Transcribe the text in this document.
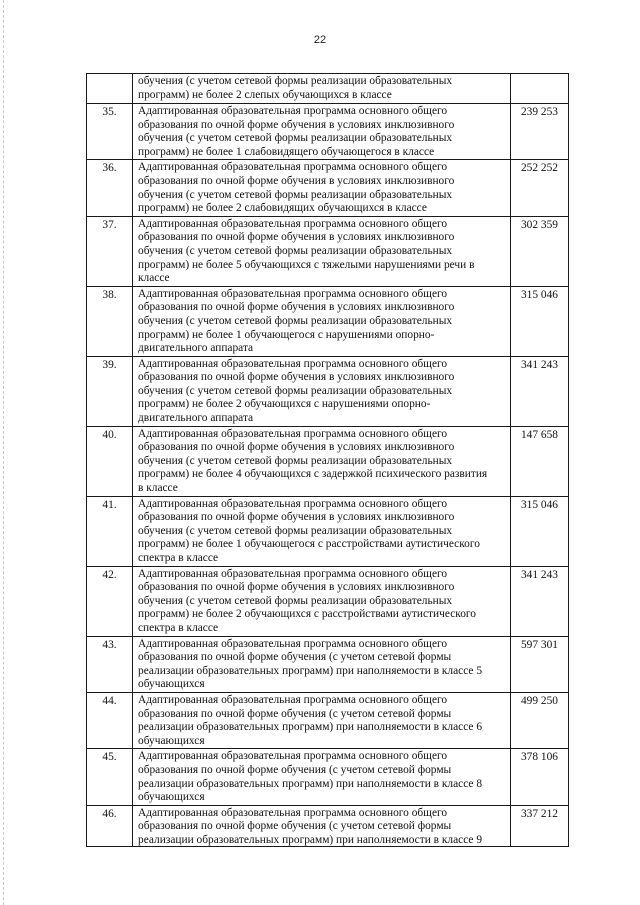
22

	обучения (с учетом сетевой формы реализации образовательных
программ) не более 2 слепых обучающихся в классе	

35.	Адаптированная образовательная программа основного общего
образования по очной форме обучения в условиях инклюзивного
обучения (с учетом сетевой формы реализации образовательных
программ) не более 1 слабовидящего обучающегося в классе	239 253
36.	Адаптированная образовательная программа основного общего
образования по очной форме обучения в условиях инклюзивного
обучения (с учетом сетевой формы реализации образовательных
программ) не более 2 слабовидящих обучающихся в классе	252 252
37.	Адаптированная образовательная программа основного общего
образования по очной форме обучения в условиях инклюзивного
обучения (с учетом сетевой формы реализации образовательных
программ) не более 5 обучающихся с тяжелыми нарушениями речи в
классе	302 359
38.	Адаптированная образовательная программа основного общего
образования по очной форме обучения в условиях инклюзивного
обучения (с учетом сетевой формы реализации образовательных
программ) не более 1 обучающегося с нарушениями опорно-
двигательного аппарата	315 046
39.	Адаптированная образовательная программа основного общего
образования по очной форме обучения в условиях инклюзивного
обучения (с учетом сетевой формы реализации образовательных
программ) не более 2 обучающихся с нарушениями опорно-
двигательного аппарата	341 243
40.	Адаптированная образовательная программа основного общего
образования по очной форме обучения в условиях инклюзивного
обучения (с учетом сетевой формы реализации образовательных
программ) не более 4 обучающихся с задержкой психического развития
в классе	147 658
41.	Адаптированная образовательная программа основного общего
образования по очной форме обучения в условиях инклюзивного
обучения (с учетом сетевой формы реализации образовательных
программ) не более 1 обучающегося с расстройствами аутистического
спектра в классе	315 046
42.	Адаптированная образовательная программа основного общего
образования по очной форме обучения в условиях инклюзивного
обучения (с учетом сетевой формы реализации образовательных
программ) не более 2 обучающихся с расстройствами аутистического
спектра в классе	341 243
43.	Адаптированная образовательная программа основного общего
образования по очной форме обучения (с учетом сетевой формы
реализации образовательных программ) при наполняемости в классе 5
обучающихся	597 301
44.	Адаптированная образовательная программа основного общего
образования по очной форме обучения (с учетом сетевой формы
реализации образовательных программ) при наполняемости в классе 6
обучающихся	499 250
45.	Адаптированная образовательная программа основного общего
образования по очной форме обучения (с учетом сетевой формы
реализации образовательных программ) при наполняемости в классе 8
обучающихся	378 106
46.	Адаптированная образовательная программа основного общего
образования по очной форме обучения (с учетом сетевой формы
реализации образовательных программ) при наполняемости в классе 9	337 212
